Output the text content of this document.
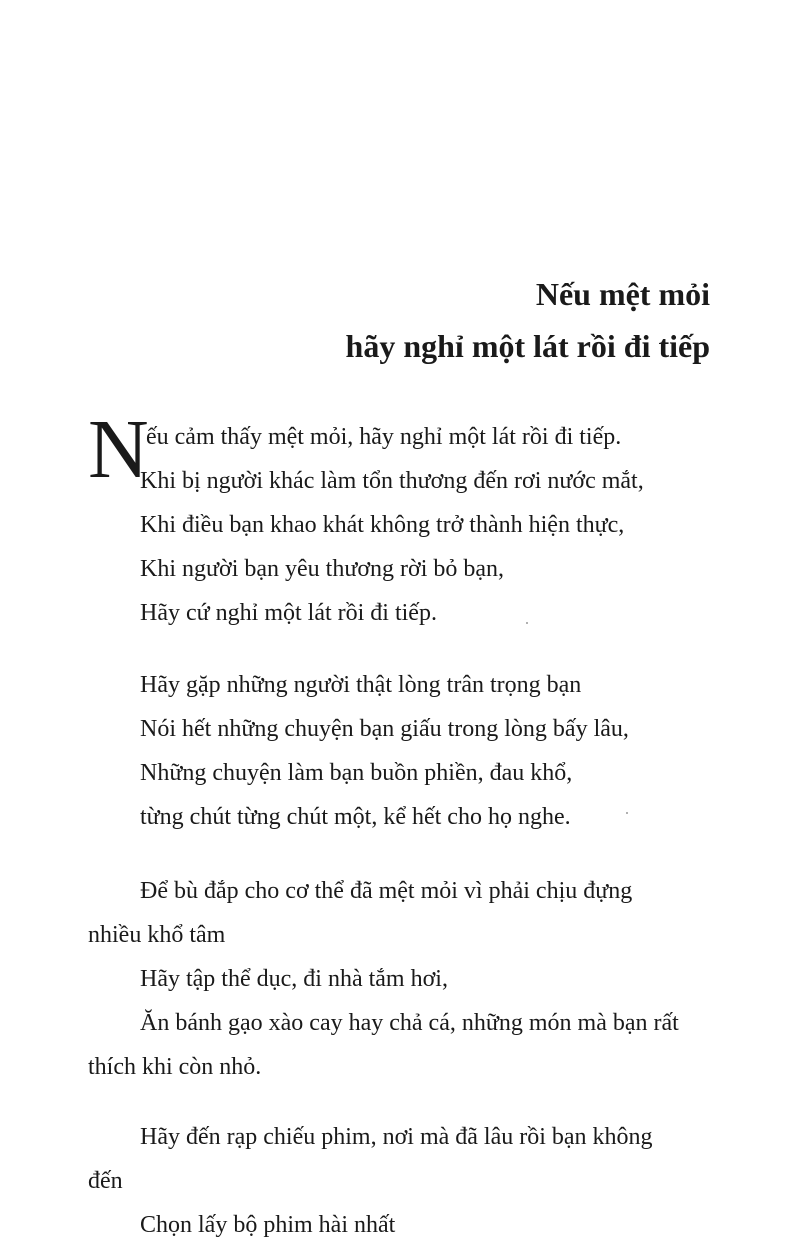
Nếu mệt mỏi
hãy nghỉ một lát rồi đi tiếp
N
ếu cảm thấy mệt mỏi, hãy nghỉ một lát rồi đi tiếp.
Khi bị người khác làm tổn thương đến rơi nước mắt,
Khi điều bạn khao khát không trở thành hiện thực,
Khi người bạn yêu thương rời bỏ bạn,
Hãy cứ nghỉ một lát rồi đi tiếp.
Hãy gặp những người thật lòng trân trọng bạn
Nói hết những chuyện bạn giấu trong lòng bấy lâu,
Những chuyện làm bạn buồn phiền, đau khổ,
từng chút từng chút một, kể hết cho họ nghe.
Để bù đắp cho cơ thể đã mệt mỏi vì phải chịu đựng
nhiều khổ tâm
Hãy tập thể dục, đi nhà tắm hơi,
Ăn bánh gạo xào cay hay chả cá, những món mà bạn rất
thích khi còn nhỏ.
Hãy đến rạp chiếu phim, nơi mà đã lâu rồi bạn không
đến
Chọn lấy bộ phim hài nhất
